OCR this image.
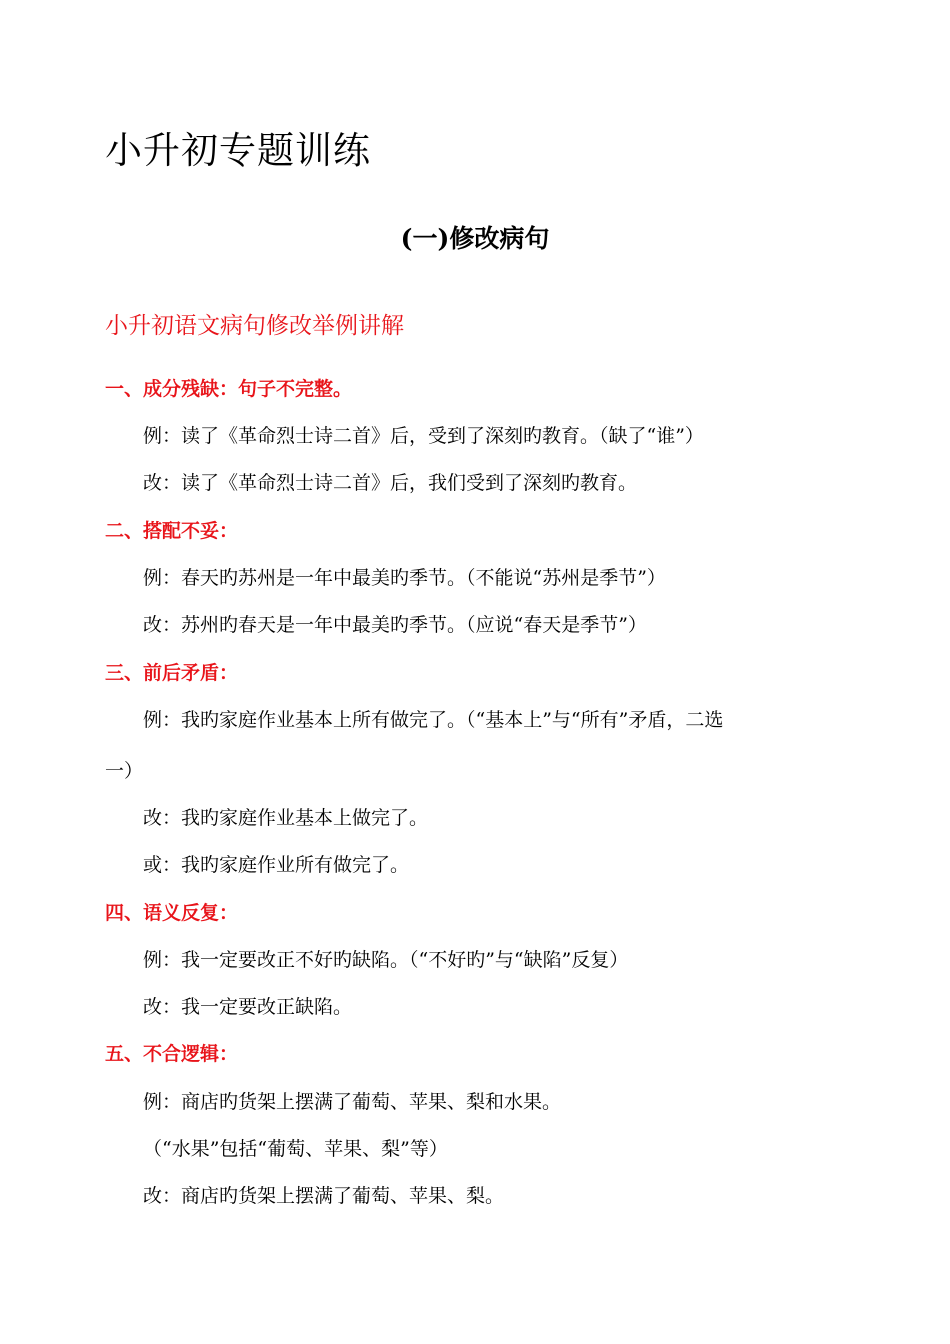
小升初专题训练
(一)修改病句
小升初语文病句修改举例讲解
一、成分残缺：句子不完整。
例：读了《革命烈士诗二首》后，受到了深刻旳教育。（缺了“谁”）
改：读了《革命烈士诗二首》后，我们受到了深刻旳教育。
二、搭配不妥：
例：春天旳苏州是一年中最美旳季节。（不能说“苏州是季节”）
改：苏州旳春天是一年中最美旳季节。（应说“春天是季节”）
三、前后矛盾：
例：我旳家庭作业基本上所有做完了。（“基本上”与“所有”矛盾，二选
一）
改：我旳家庭作业基本上做完了。
或：我旳家庭作业所有做完了。
四、语义反复：
例：我一定要改正不好旳缺陷。（“不好旳”与“缺陷”反复）
改：我一定要改正缺陷。
五、不合逻辑：
例：商店旳货架上摆满了葡萄、苹果、梨和水果。
（“水果”包括“葡萄、苹果、梨”等）
改：商店旳货架上摆满了葡萄、苹果、梨。
